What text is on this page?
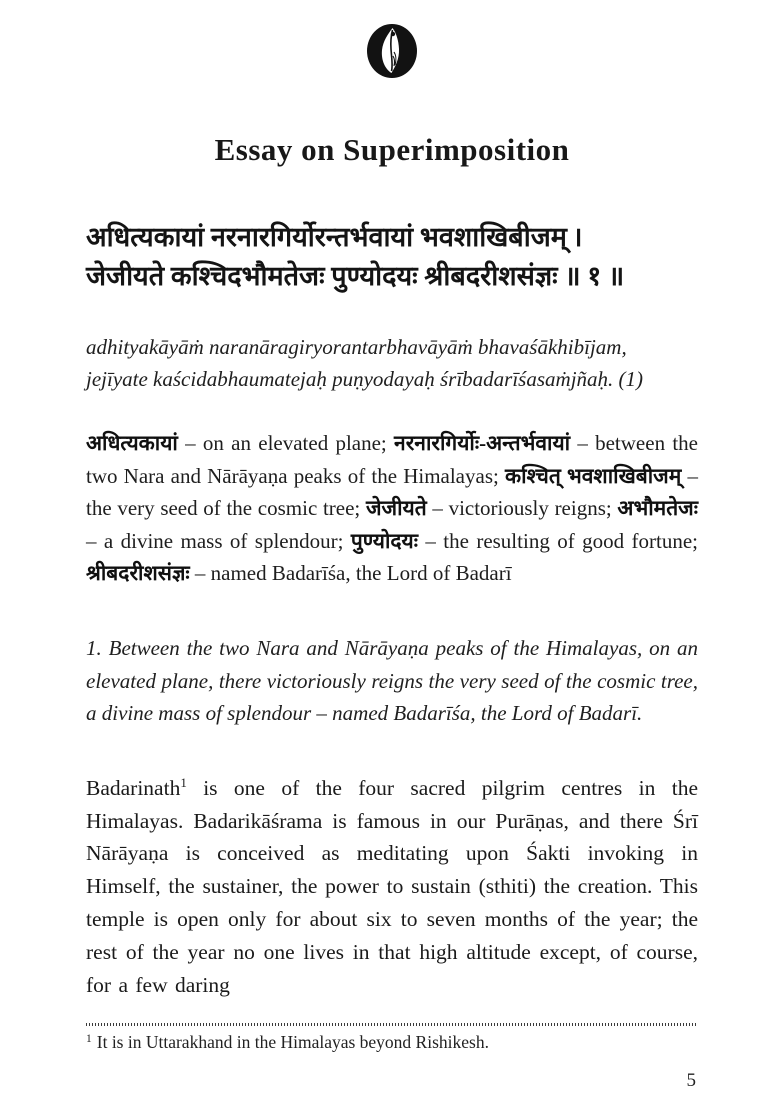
Essay on Superimposition

अधित्यकायां नरनारगिर्योरन्तर्भवायां भवशाखिबीजम् ।

जेजीयते कश्चिदभौमतेजः पुण्योदयः श्रीबदरीशसंज्ञः ॥ १ ॥

adhityakāyāṁ naranāragiryorantarbhavāyāṁ bhavaśākhibījam,

jejīyate kaścidabhaumatejaḥ puṇyodayaḥ śrībadarīśasaṁjñaḥ. (1)

अधित्यकायां – on an elevated plane; नरनारगिर्योः-अन्तर्भवायां – between the two Nara and Nārāyaṇa peaks of the Himalayas; कश्चित् भवशाखिबीजम् – the very seed of the cosmic tree; जेजीयते – victoriously reigns; अभौमतेजः – a divine mass of splendour; पुण्योदयः – the resulting of good fortune; श्रीबदरीशसंज्ञः – named Badarīśa, the Lord of Badarī

1. Between the two Nara and Nārāyaṇa peaks of the Himalayas, on an elevated plane, there victoriously reigns the very seed of the cosmic tree, a divine mass of splendour – named Badarīśa, the Lord of Badarī.

Badarinath$^1$ is one of the four sacred pilgrim centres in the Himalayas. Badarikāśrama is famous in our Purāṇas, and there Śrī Nārāyaṇa is conceived as meditating upon Śakti invoking in Himself, the sustainer, the power to sustain (sthiti) the creation. This temple is open only for about six to seven months of the year; the rest of the year no one lives in that high altitude except, of course, for a few daring

$^1$ It is in Uttarakhand in the Himalayas beyond Rishikesh.

5
